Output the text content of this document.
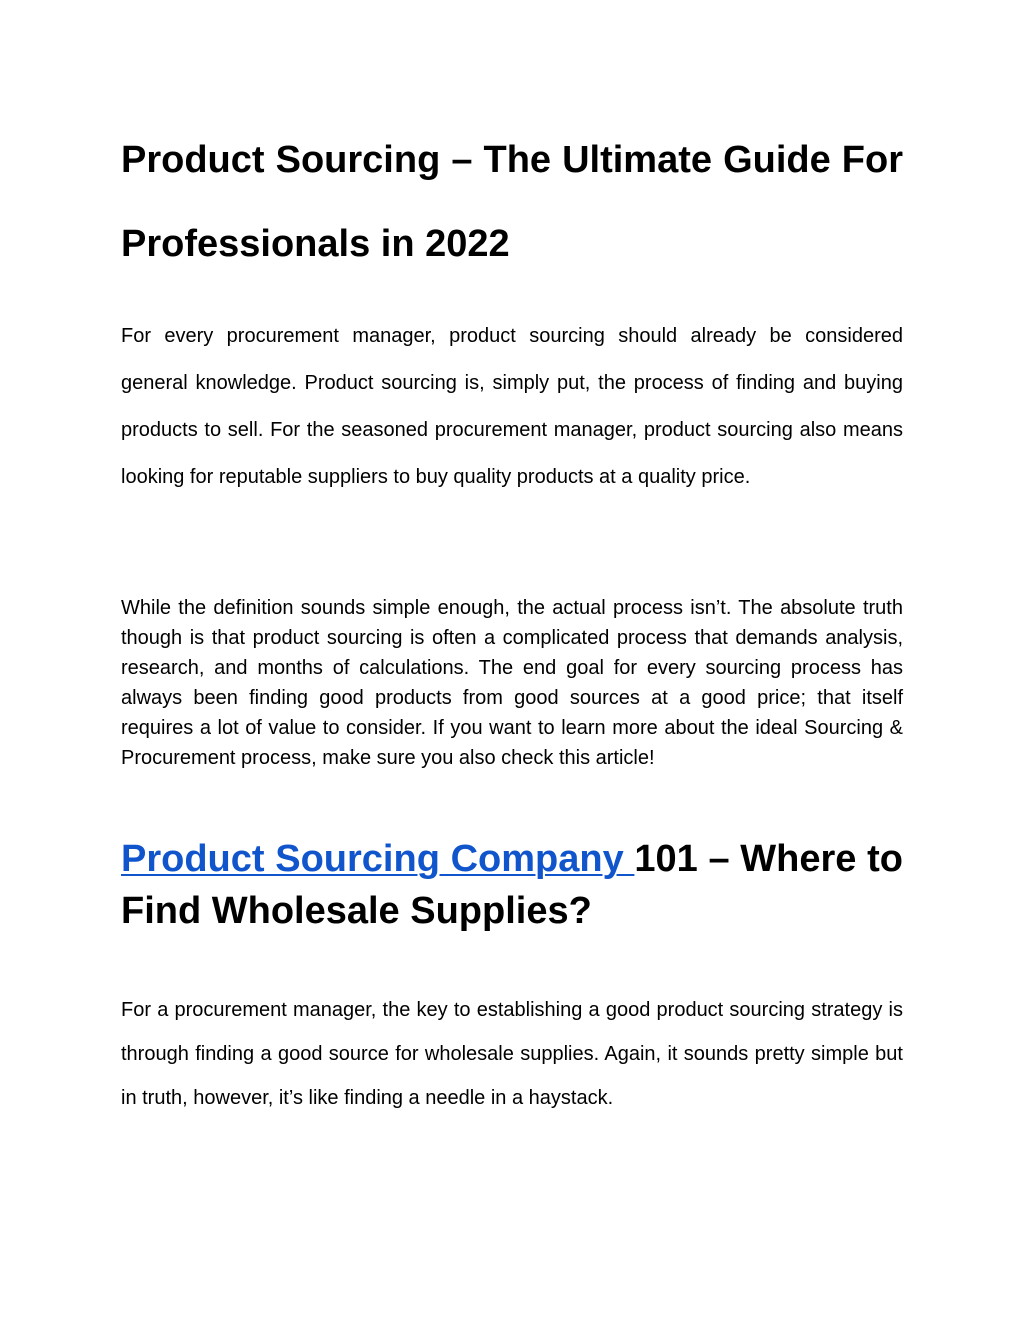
Product Sourcing – The Ultimate Guide For Professionals in 2022

For every procurement manager, product sourcing should already be considered general knowledge. Product sourcing is, simply put, the process of finding and buying products to sell. For the seasoned procurement manager, product sourcing also means looking for reputable suppliers to buy quality products at a quality price.

While the definition sounds simple enough, the actual process isn’t. The absolute truth though is that product sourcing is often a complicated process that demands analysis, research, and months of calculations. The end goal for every sourcing process has always been finding good products from good sources at a good price; that itself requires a lot of value to consider. If you want to learn more about the ideal Sourcing & Procurement process, make sure you also check this article!

Product Sourcing Company 101 – Where to Find Wholesale Supplies?

For a procurement manager, the key to establishing a good product sourcing strategy is through finding a good source for wholesale supplies. Again, it sounds pretty simple but in truth, however, it’s like finding a needle in a haystack.
